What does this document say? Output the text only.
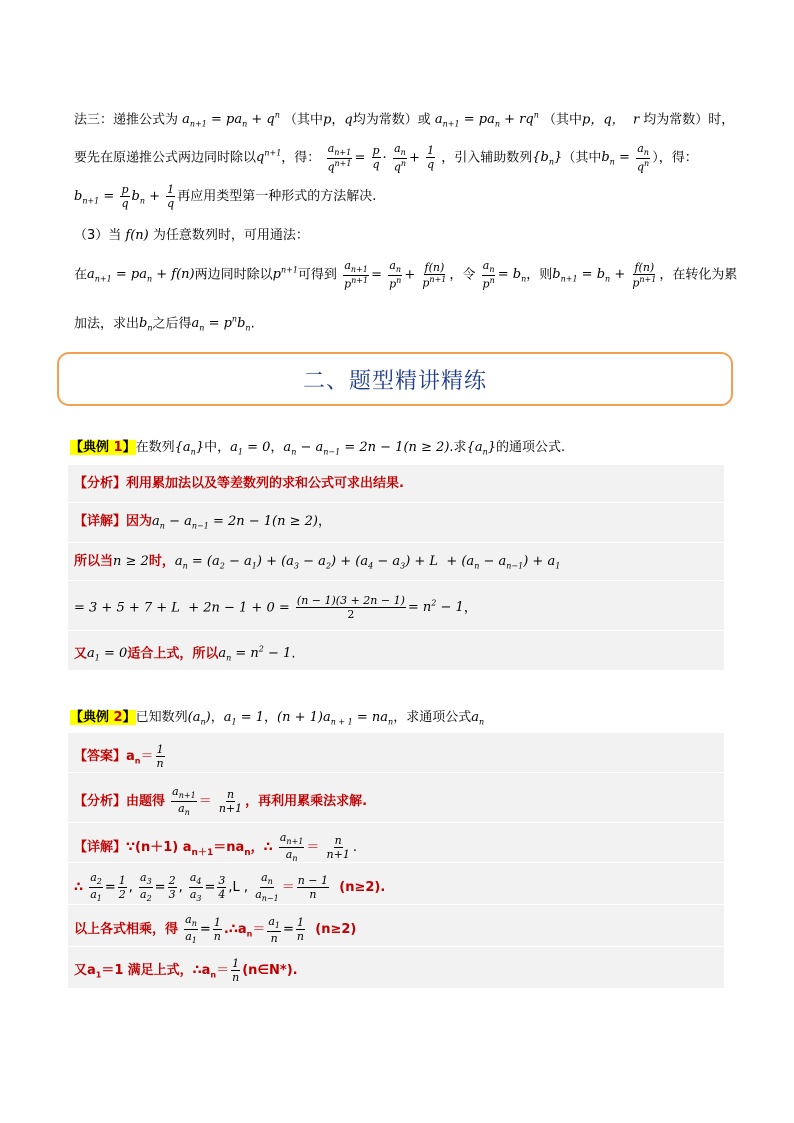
法三：递推公式为 $a_{n+1} = pa_n + q^n$ （其中p，q均为常数）或 $a_{n+1} = pa_n + rq^n$ （其中p，q， r 均为常数）时，
要先在原递推公式两边同时除以$q^{n+1}$，得： $\frac{a_{n+1}}{q^{n+1}} = \frac{p}{q} \cdot \frac{a_n}{q^n} + \frac{1}{q}$ ，引入辅助数列$\{b_n\}$（其中$b_n = \frac{a_n}{q^n}$ ），得：
$b_{n+1} = \frac{p}{q} b_n + \frac{1}{q}$ 再应用类型第一种形式的方法解决.
（3）当 f(n) 为任意数列时，可用通法：
在$a_{n+1} = pa_n + f(n)$两边同时除以$p^{n+1}$可得到 $\frac{a_{n+1}}{p^{n+1}} = \frac{a_n}{p^n} + \frac{f(n)}{p^{n+1}}$ ，令 $\frac{a_n}{p^n} = b_n$，则$b_{n+1} = b_n + \frac{f(n)}{p^{n+1}}$ ，在转化为累
加法，求出$b_n$之后得$a_n = p^nb_n$.
二、题型精讲精练
【典例 1】在数列$\{a_n\}$中，$a_1 = 0$，$a_n - a_{n-1} = 2n - 1(n \ge 2)$.求$\{a_n\}$的通项公式.
【分析】利用累加法以及等差数列的求和公式可求出结果.
【详解】因为$a_n - a_{n-1} = 2n - 1(n \ge 2)$，
所以当n ≥ 2时，$a_n = (a_2 - a_1) + (a_3 - a_2) + (a_4 - a_3) + L + (a_n - a_{n-1}) + a_1$
= $3 + 5 + 7 + L + 2n - 1 + 0 = \frac{(n - 1)(3 + 2n - 1)}{2} = n^2 - 1$，
又$a_1 = 0$适合上式，所以$a_n = n^2 - 1$.
【典例 2】已知数列$(a_n)$，$a_1 = 1$，$(n + 1)a_{n + 1} = na_n$，求通项公式$a_n$
【答案】$a_n= \frac{1}{n}$
【分析】由题得 $\frac{a_{n+1}}{a_n} = \frac{n}{n+1}$ ，再利用累乘法求解.
【详解】∵(n＋1) $a_{n+1}=na_n$，∴ $\frac{a_{n+1}}{a_n} = \frac{n}{n+1}$ .
∴ $\frac{a_2}{a_1} = \frac{1}{2}$ , $\frac{a_3}{a_2} = \frac{2}{3}$ , $\frac{a_4}{a_3} = \frac{3}{4} ,L$ , $\frac{a_n}{a_{n-1}} = \frac{n - 1}{n} (n\ge 2)$.
以上各式相乘，得 $\frac{a_n}{a_1} = \frac{1}{n}$ $.\therefore a_n= \frac{a_1}{n} = \frac{1}{n} (n\ge 2)$
又$a_1=1$ 满足上式，$\therefore a_n= \frac{1}{n}$ (n∈N*).
